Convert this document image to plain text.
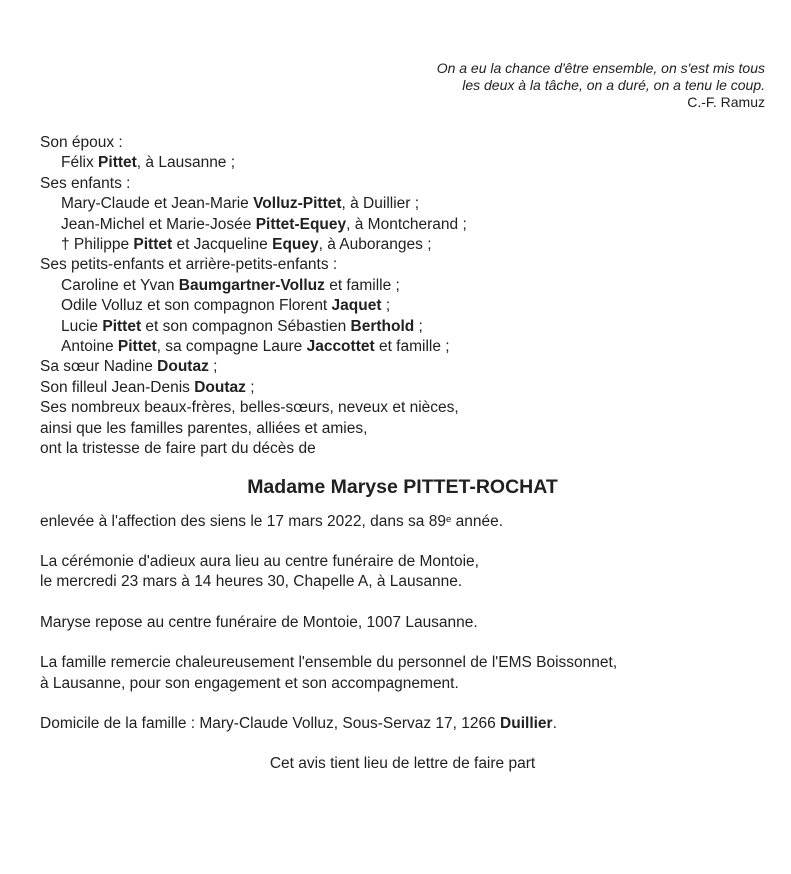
On a eu la chance d'être ensemble, on s'est mis tous
les deux à la tâche, on a duré, on a tenu le coup.
C.-F. Ramuz
Son époux :
Félix Pittet, à Lausanne ;
Ses enfants :
Mary-Claude et Jean-Marie Volluz-Pittet, à Duillier ;
Jean-Michel et Marie-Josée Pittet-Equey, à Montcherand ;
† Philippe Pittet et Jacqueline Equey, à Auboranges ;
Ses petits-enfants et arrière-petits-enfants :
Caroline et Yvan Baumgartner-Volluz et famille ;
Odile Volluz et son compagnon Florent Jaquet ;
Lucie Pittet et son compagnon Sébastien Berthold ;
Antoine Pittet, sa compagne Laure Jaccottet et famille ;
Sa sœur Nadine Doutaz ;
Son filleul Jean-Denis Doutaz ;
Ses nombreux beaux-frères, belles-sœurs, neveux et nièces,
ainsi que les familles parentes, alliées et amies,
ont la tristesse de faire part du décès de
Madame Maryse PITTET-ROCHAT
enlevée à l'affection des siens le 17 mars 2022, dans sa 89e année.
La cérémonie d'adieux aura lieu au centre funéraire de Montoie,
le mercredi 23 mars à 14 heures 30, Chapelle A, à Lausanne.
Maryse repose au centre funéraire de Montoie, 1007 Lausanne.
La famille remercie chaleureusement l'ensemble du personnel de l'EMS Boissonnet,
à Lausanne, pour son engagement et son accompagnement.
Domicile de la famille : Mary-Claude Volluz, Sous-Servaz 17, 1266 Duillier.
Cet avis tient lieu de lettre de faire part
